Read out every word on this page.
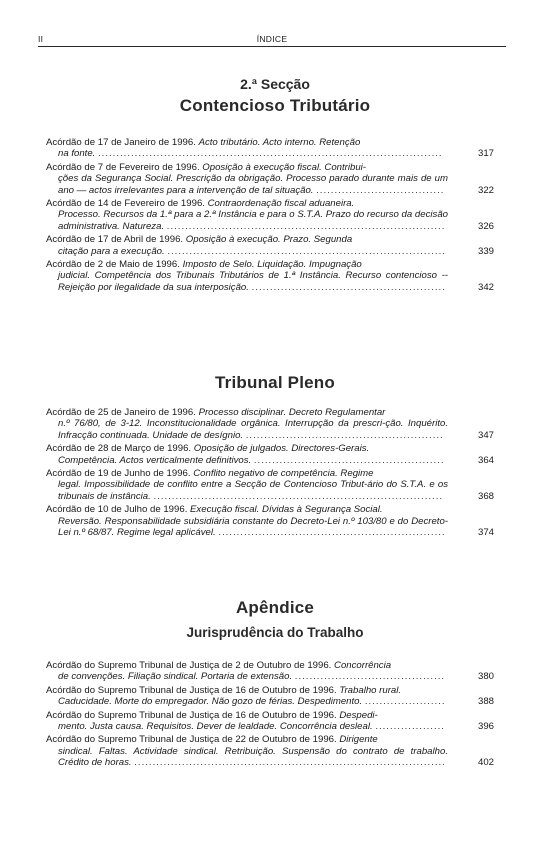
II	ÍNDICE
2.ª Secção
Contencioso Tributário
Acórdão de 17 de Janeiro de 1996. Acto tributário. Acto interno. Retenção
na fonte. ..............................................................................................	317
Acórdão de 7 de Fevereiro de 1996. Oposição à execução fiscal. Contribui-
ções da Segurança Social. Prescrição da obrigação. Processo parado durante mais de um ano — actos irrelevantes para a intervenção de tal situação. ...................................	322
Acórdão de 14 de Fevereiro de 1996. Contraordenação fiscal aduaneira.
Processo. Recursos da 1.ª para a 2.ª Instância e para o S.T.A. Prazo do recurso da decisão administrativa. Natureza. ............................................................................	326
Acórdão de 17 de Abril de 1996. Oposição à execução. Prazo. Segunda
citação para a execução. ............................................................................	339
Acórdão de 2 de Maio de 1996. Imposto de Selo. Liquidação. Impugnação
judicial. Competência dos Tribunais Tributários de 1.ª Instância. Recurso contencioso -- Rejeição por ilegalidade da sua interposição. .....................................................	342
Tribunal Pleno
Acórdão de 25 de Janeiro de 1996. Processo disciplinar. Decreto Regulamentar
n.º 76/80, de 3-12. Inconstitucionalidade orgânica. Interrupção da prescri-ção. Inquérito. Infracção continuada. Unidade de desígnio. ......................................................	347
Acórdão de 28 de Março de 1996. Oposição de julgados. Directores-Gerais.
Competência. Actos verticalmente definitivos. ....................................................	364
Acórdão de 19 de Junho de 1996. Conflito negativo de competência. Regime
legal. Impossibilidade de conflito entre a Secção de Contencioso Tribut-ário do S.T.A. e os tribunais de instância. ...............................................................................	368
Acórdão de 10 de Julho de 1996. Execução fiscal. Dívidas à Segurança Social.
Reversão. Responsabilidade subsidiária constante do Decreto-Lei n.º 103/80 e do Decreto-Lei n.º 68/87. Regime legal aplicável. ..............................................................	374
Apêndice
Jurisprudência do Trabalho
Acórdão do Supremo Tribunal de Justiça de 2 de Outubro de 1996. Concorrência
de convenções. Filiação sindical. Portaria de extensão. .........................................	380
Acórdão do Supremo Tribunal de Justiça de 16 de Outubro de 1996. Trabalho rural.
Caducidade. Morte do empregador. Não gozo de férias. Despedimento. ......................	388
Acórdão do Supremo Tribunal de Justiça de 16 de Outubro de 1996. Despedi-
mento. Justa causa. Requisitos. Dever de lealdade. Concorrência desleal. ...................	396
Acórdão do Supremo Tribunal de Justiça de 22 de Outubro de 1996. Dirigente
sindical. Faltas. Actividade sindical. Retribuição. Suspensão do contrato de trabalho. Crédito de horas. .....................................................................................	402
